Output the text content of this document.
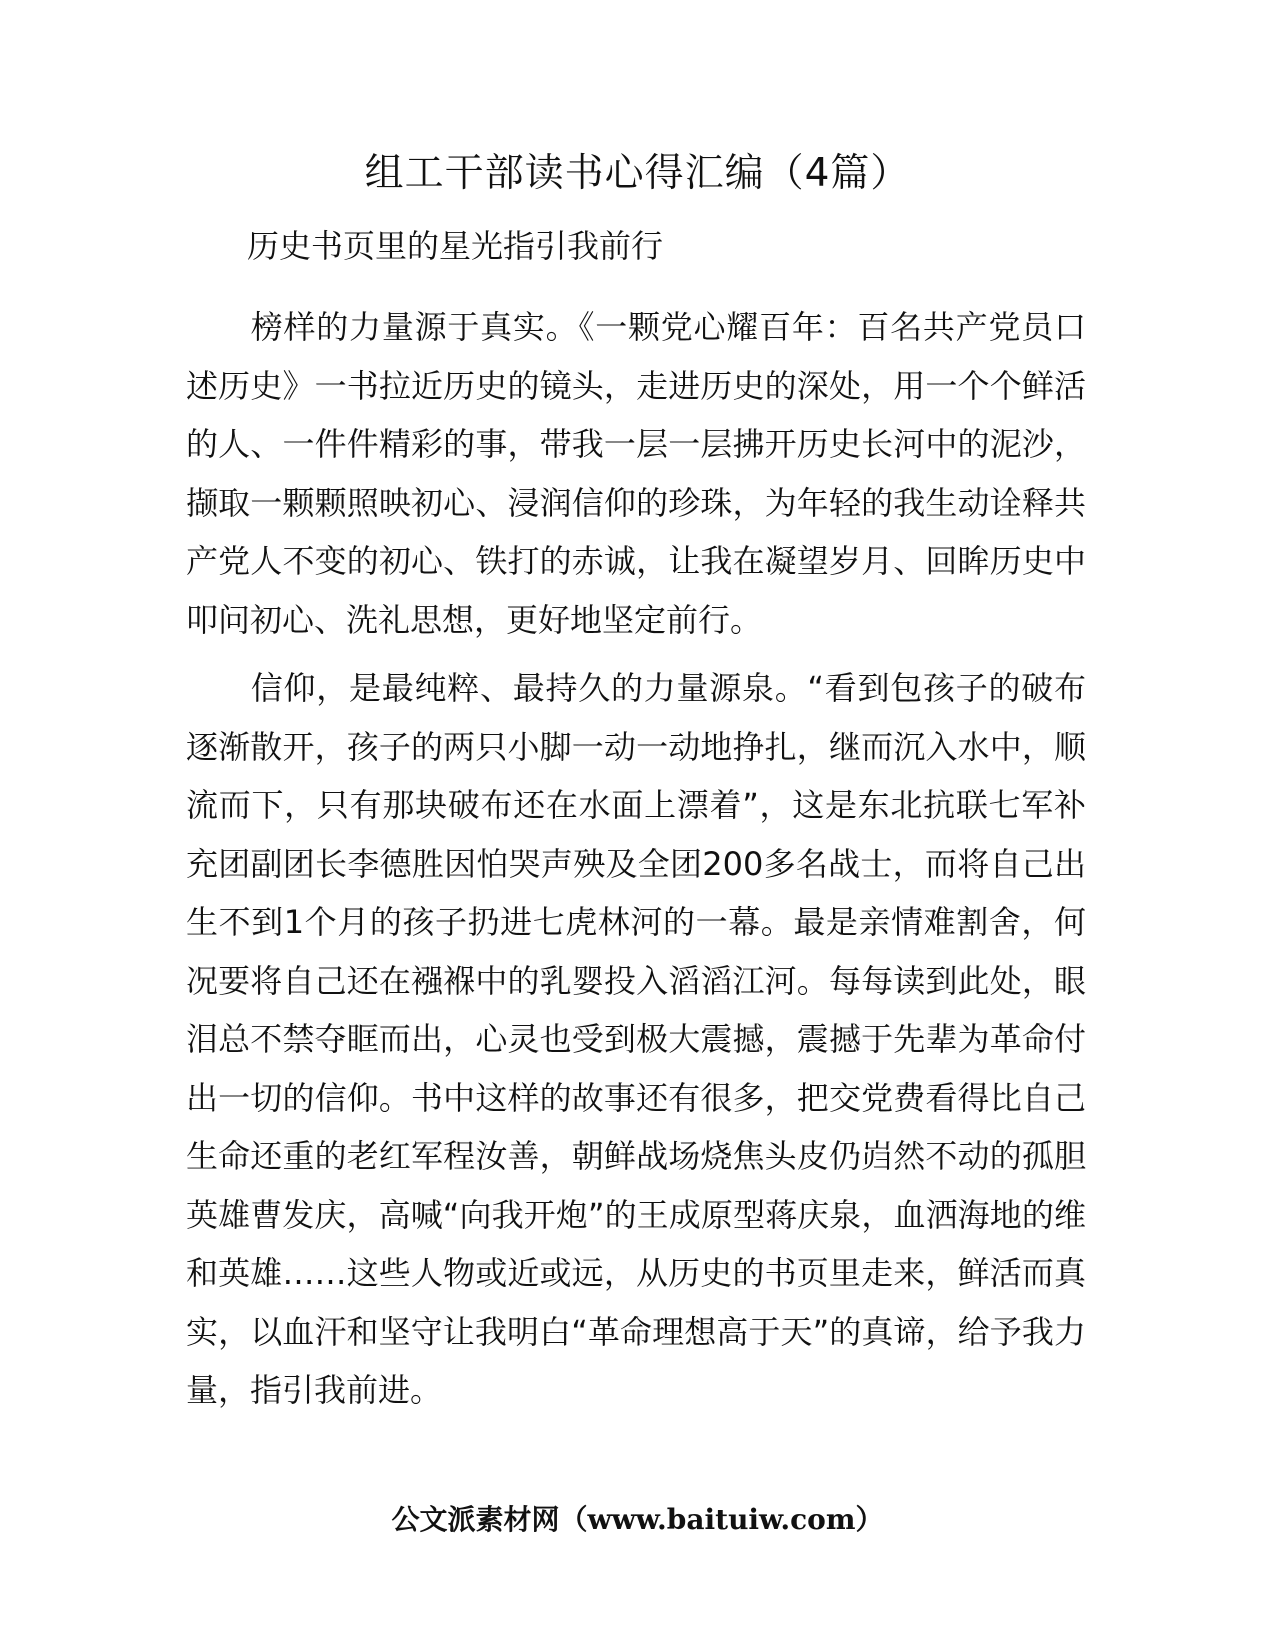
组工干部读书心得汇编（4篇）
历史书页里的星光指引我前行

榜样的力量源于真实。《一颗党心耀百年：百名共产党员口述历史》一书拉近历史的镜头，走进历史的深处，用一个个鲜活的人、一件件精彩的事，带我一层一层拂开历史长河中的泥沙，撷取一颗颗照映初心、浸润信仰的珍珠，为年轻的我生动诠释共产党人不变的初心、铁打的赤诚，让我在凝望岁月、回眸历史中叩问初心、洗礼思想，更好地坚定前行。

信仰，是最纯粹、最持久的力量源泉。“看到包孩子的破布逐渐散开，孩子的两只小脚一动一动地挣扎，继而沉入水中，顺流而下，只有那块破布还在水面上漂着”，这是东北抗联七军补充团副团长李德胜因怕哭声殃及全团200多名战士，而将自己出生不到1个月的孩子扔进七虎林河的一幕。最是亲情难割舍，何况要将自己还在襁褓中的乳婴投入滔滔江河。每每读到此处，眼泪总不禁夺眶而出，心灵也受到极大震撼，震撼于先辈为革命付出一切的信仰。书中这样的故事还有很多，把交党费看得比自己生命还重的老红军程汝善，朝鲜战场烧焦头皮仍岿然不动的孤胆英雄曹发庆，高喊“向我开炮”的王成原型蒋庆泉，血洒海地的维和英雄……这些人物或近或远，从历史的书页里走来，鲜活而真实，以血汗和坚守让我明白“革命理想高于天”的真谛，给予我力量，指引我前进。

公文派素材网（www.baituiw.com）
